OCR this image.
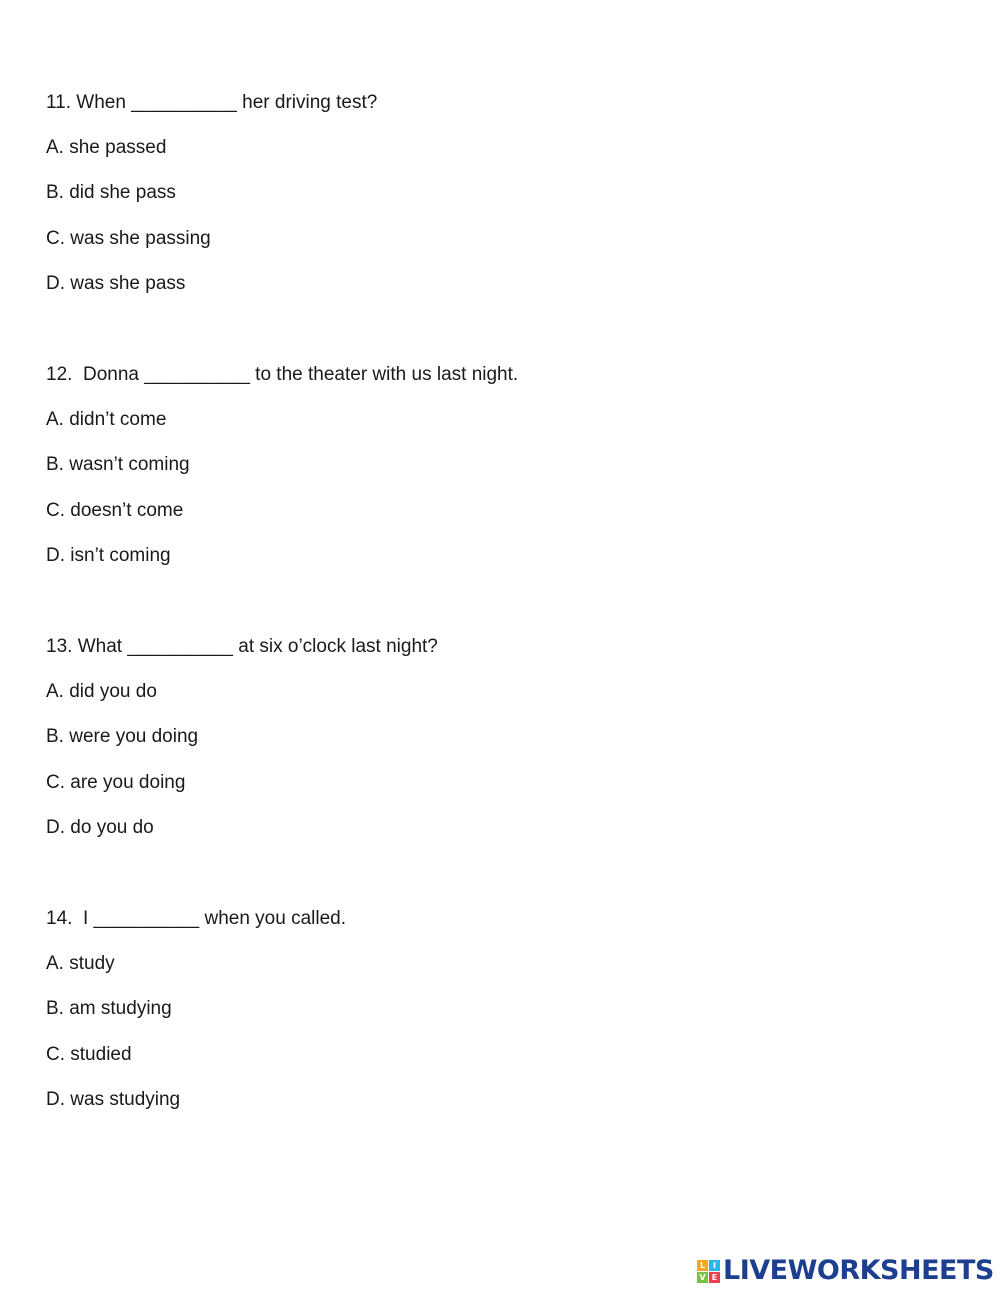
11. When __________ her driving test?
A. she passed
B. did she pass
C. was she passing
D. was she pass
12.  Donna __________ to the theater with us last night.
A. didn’t come
B. wasn’t coming
C. doesn’t come
D. isn’t coming
13. What __________ at six o’clock last night?
A. did you do
B. were you doing
C. are you doing
D. do you do
14.  I __________ when you called.
A. study
B. am studying
C. studied
D. was studying
L I
V E LIVEWORKSHEETS
